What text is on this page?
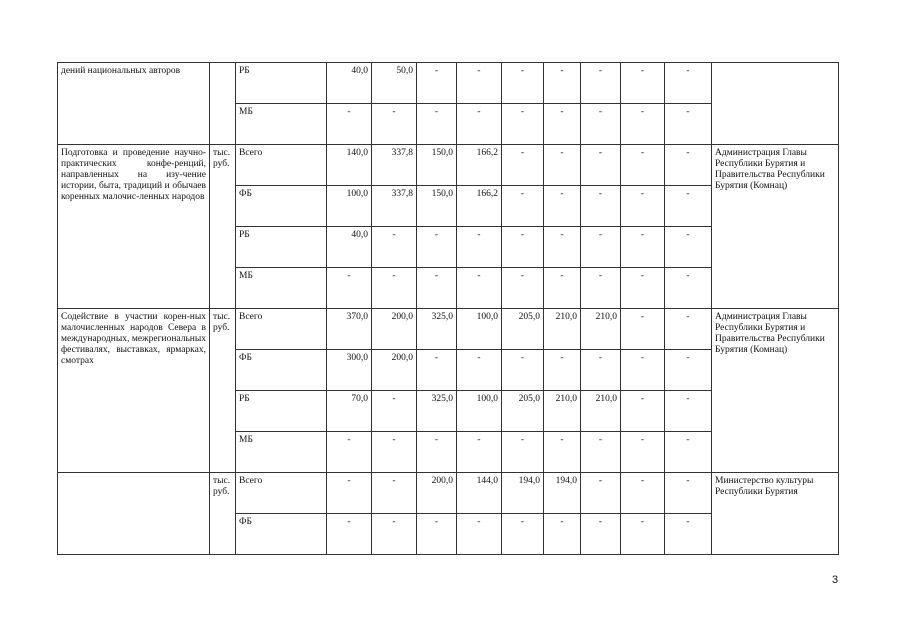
дений национальных авторов		РБ	40,0	50,0	-	-	-	-	-	-	-	
		МБ	-	-	-	-	-	-	-	-	-	
Подготовка и проведение научно-практических конфе-ренций, направленных на изу-чение истории, быта, традиций и обычаев коренных малочис-ленных народов	тыс. руб.	Всего	140,0	337,8	150,0	166,2	-	-	-	-	-	Администрация Главы Республики Бурятия и Правительства Республики Бурятия (Комнац)
		ФБ	100,0	337,8	150,0	166,2	-	-	-	-	-	
		РБ	40,0	-	-	-	-	-	-	-	-	
		МБ	-	-	-	-	-	-	-	-	-	
Содействие в участии корен-ных малочисленных народов Севера в международных, межрегиональных фестивалях, выставках, ярмарках, смотрах	тыс. руб.	Всего	370,0	200,0	325,0	100,0	205,0	210,0	210,0	-	-	Администрация Главы Республики Бурятия и Правительства Республики Бурятия (Комнац)
		ФБ	300,0	200,0	-	-	-	-	-	-	-	
		РБ	70,0	-	325,0	100,0	205,0	210,0	210,0	-	-	
		МБ	-	-	-	-	-	-	-	-	-	
	тыс. руб.	Всего	-	-	200,0	144,0	194,0	194,0	-	-	-	Министерство культуры Республики Бурятия
		ФБ	-	-	-	-	-	-	-	-	-	
3
